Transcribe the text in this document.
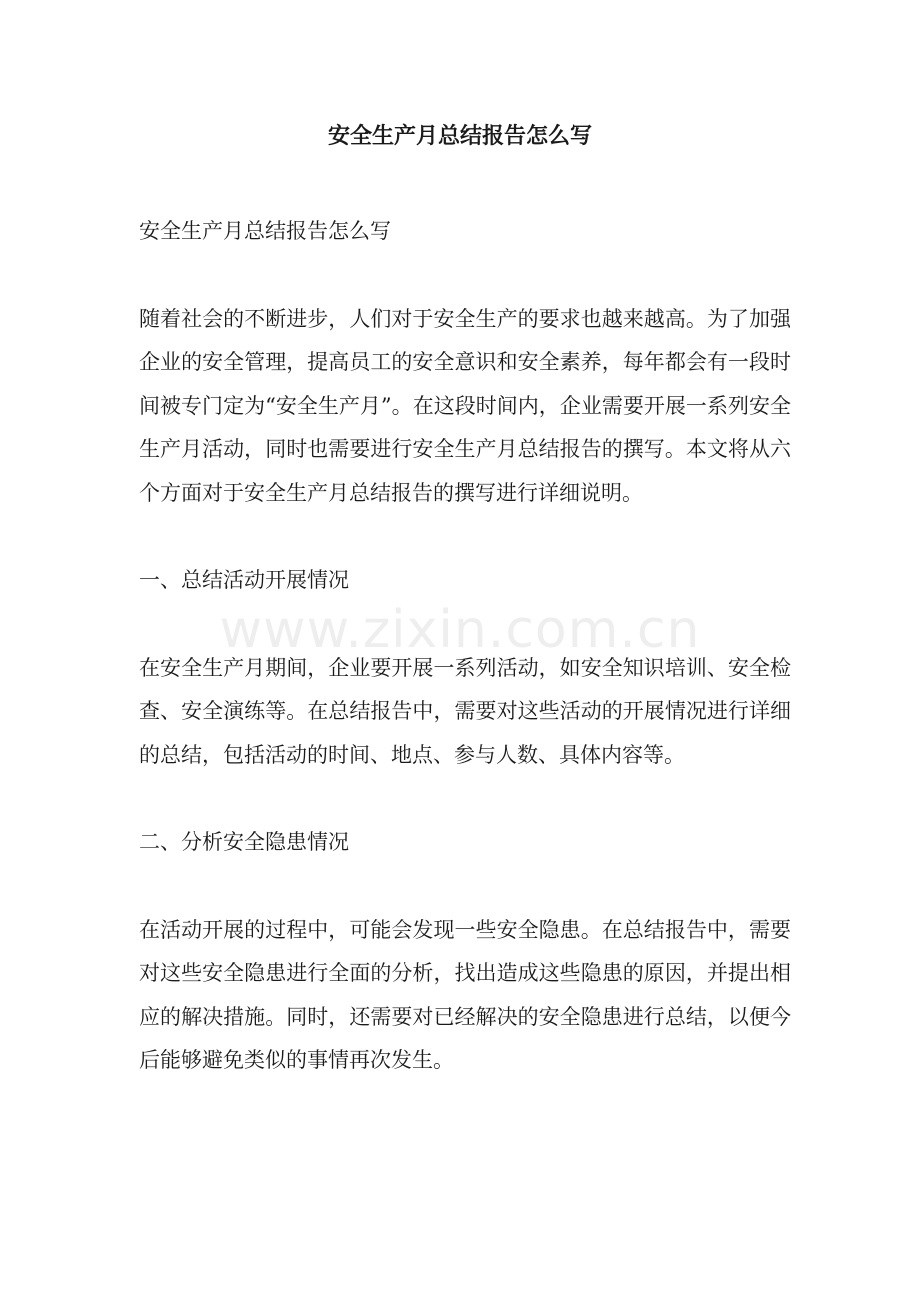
安全生产月总结报告怎么写

安全生产月总结报告怎么写

随着社会的不断进步，人们对于安全生产的要求也越来越高。为了加强企业的安全管理，提高员工的安全意识和安全素养，每年都会有一段时间被专门定为“安全生产月”。在这段时间内，企业需要开展一系列安全生产月活动，同时也需要进行安全生产月总结报告的撰写。本文将从六个方面对于安全生产月总结报告的撰写进行详细说明。

一、总结活动开展情况

在安全生产月期间，企业要开展一系列活动，如安全知识培训、安全检查、安全演练等。在总结报告中，需要对这些活动的开展情况进行详细的总结，包括活动的时间、地点、参与人数、具体内容等。

二、分析安全隐患情况

在活动开展的过程中，可能会发现一些安全隐患。在总结报告中，需要对这些安全隐患进行全面的分析，找出造成这些隐患的原因，并提出相应的解决措施。同时，还需要对已经解决的安全隐患进行总结，以便今后能够避免类似的事情再次发生。

www.zixin.com.cn
